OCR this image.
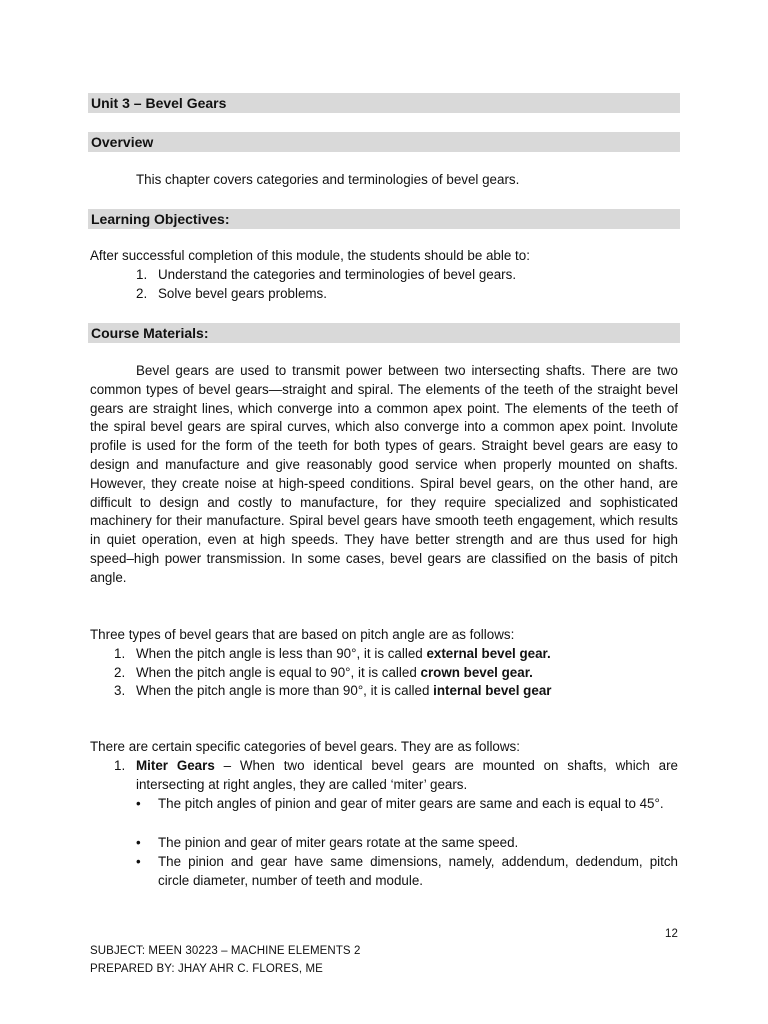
Unit 3 – Bevel Gears
Overview
This chapter covers categories and terminologies of bevel gears.
Learning Objectives:
After successful completion of this module, the students should be able to:
1. Understand the categories and terminologies of bevel gears.
2. Solve bevel gears problems.
Course Materials:
Bevel gears are used to transmit power between two intersecting shafts. There are two common types of bevel gears—straight and spiral. The elements of the teeth of the straight bevel gears are straight lines, which converge into a common apex point. The elements of the teeth of the spiral bevel gears are spiral curves, which also converge into a common apex point. Involute profile is used for the form of the teeth for both types of gears. Straight bevel gears are easy to design and manufacture and give reasonably good service when properly mounted on shafts. However, they create noise at high-speed conditions. Spiral bevel gears, on the other hand, are difficult to design and costly to manufacture, for they require specialized and sophisticated machinery for their manufacture. Spiral bevel gears have smooth teeth engagement, which results in quiet operation, even at high speeds. They have better strength and are thus used for high speed–high power transmission. In some cases, bevel gears are classified on the basis of pitch angle.
Three types of bevel gears that are based on pitch angle are as follows:
1. When the pitch angle is less than 90°, it is called external bevel gear.
2. When the pitch angle is equal to 90°, it is called crown bevel gear.
3. When the pitch angle is more than 90°, it is called internal bevel gear
There are certain specific categories of bevel gears. They are as follows:
1. Miter Gears – When two identical bevel gears are mounted on shafts, which are intersecting at right angles, they are called ‘miter’ gears.
• The pitch angles of pinion and gear of miter gears are same and each is equal to 45°.
• The pinion and gear of miter gears rotate at the same speed.
• The pinion and gear have same dimensions, namely, addendum, dedendum, pitch circle diameter, number of teeth and module.
12
SUBJECT: MEEN 30223 – MACHINE ELEMENTS 2
PREPARED BY: JHAY AHR C. FLORES, ME
